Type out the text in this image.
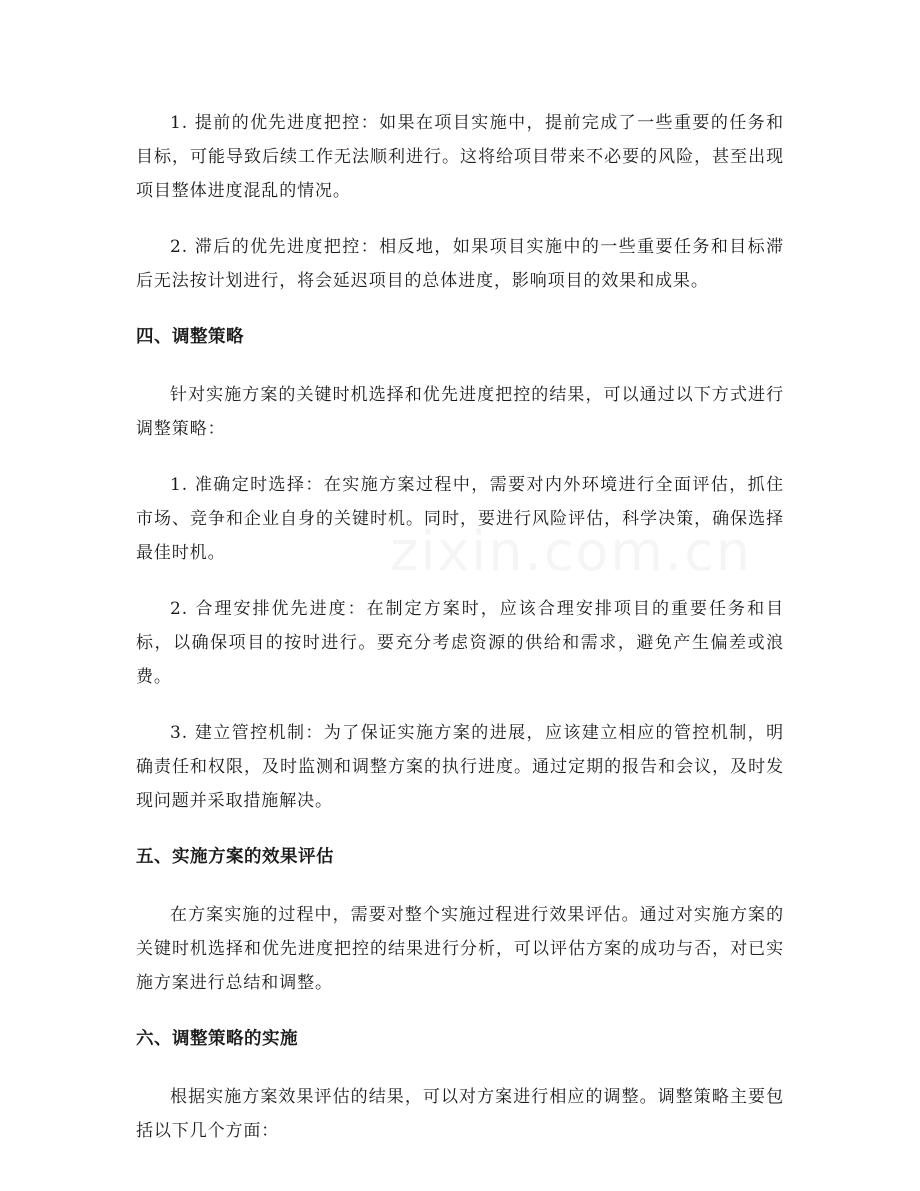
1. 提前的优先进度把控：如果在项目实施中，提前完成了一些重要的任务和目标，可能导致后续工作无法顺利进行。这将给项目带来不必要的风险，甚至出现项目整体进度混乱的情况。

2. 滞后的优先进度把控：相反地，如果项目实施中的一些重要任务和目标滞后无法按计划进行，将会延迟项目的总体进度，影响项目的效果和成果。

四、调整策略

针对实施方案的关键时机选择和优先进度把控的结果，可以通过以下方式进行调整策略：

1. 准确定时选择：在实施方案过程中，需要对内外环境进行全面评估，抓住市场、竞争和企业自身的关键时机。同时，要进行风险评估，科学决策，确保选择最佳时机。

2. 合理安排优先进度：在制定方案时，应该合理安排项目的重要任务和目标，以确保项目的按时进行。要充分考虑资源的供给和需求，避免产生偏差或浪费。

3. 建立管控机制：为了保证实施方案的进展，应该建立相应的管控机制，明确责任和权限，及时监测和调整方案的执行进度。通过定期的报告和会议，及时发现问题并采取措施解决。

五、实施方案的效果评估

在方案实施的过程中，需要对整个实施过程进行效果评估。通过对实施方案的关键时机选择和优先进度把控的结果进行分析，可以评估方案的成功与否，对已实施方案进行总结和调整。

六、调整策略的实施

根据实施方案效果评估的结果，可以对方案进行相应的调整。调整策略主要包括以下几个方面：
